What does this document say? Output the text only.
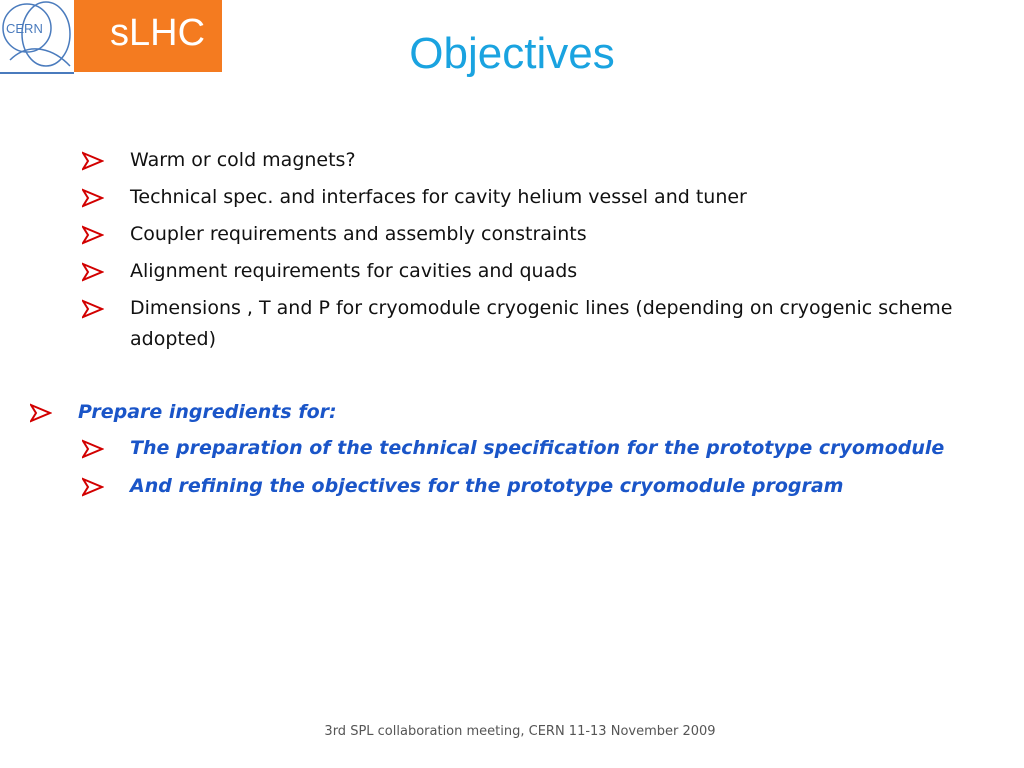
CERN sLHC	Objectives
Warm or cold magnets?
Technical spec. and interfaces for cavity helium vessel and tuner
Coupler requirements and assembly constraints
Alignment requirements for cavities and quads
Dimensions , T and P for cryomodule cryogenic lines (depending on cryogenic scheme adopted)
Prepare ingredients for:
The preparation of the technical specification for the prototype cryomodule
And refining the objectives for the prototype cryomodule program
3rd SPL collaboration meeting, CERN 11-13 November 2009
